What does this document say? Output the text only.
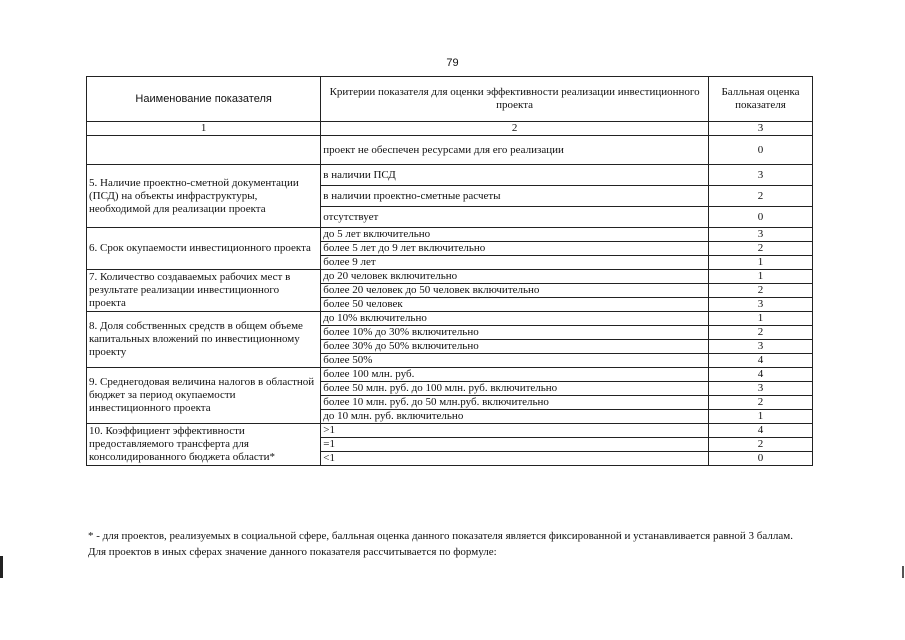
79
Наименование показателя	Критерии показателя для оценки эффективности реализации инвестиционного проекта	Балльная оценка показателя
1	2	3
	проект не обеспечен ресурсами для его реализации	0
5. Наличие проектно-сметной документации (ПСД) на объекты инфраструктуры, необходимой для реализации проекта	в наличии ПСД	3
	в наличии проектно-сметные расчеты	2
	отсутствует	0
6. Срок окупаемости инвестиционного проекта	до 5 лет включительно	3
	более 5 лет до 9 лет включительно	2
	более 9 лет	1
7. Количество создаваемых рабочих мест в результате реализации инвестиционного проекта	до 20 человек включительно	1
	более 20 человек до 50 человек включительно	2
	более 50 человек	3
8. Доля собственных средств в общем объеме капитальных вложений по инвестиционному проекту	до 10% включительно	1
	более 10% до 30% включительно	2
	более 30% до 50% включительно	3
	более 50%	4
9. Среднегодовая величина налогов в областной бюджет за период окупаемости инвестиционного проекта	более 100 млн. руб.	4
	более 50 млн. руб. до 100 млн. руб. включительно	3
	более 10 млн. руб. до 50 млн.руб. включительно	2
	до 10 млн. руб. включительно	1
10. Коэффициент эффективности предоставляемого трансферта для консолидированного бюджета области*	>1	4
	=1	2
	<1	0

* - для проектов, реализуемых в социальной сфере, балльная оценка данного показателя является фиксированной и устанавливается равной 3 баллам.

Для проектов в иных сферах значение данного показателя рассчитывается по формуле:
